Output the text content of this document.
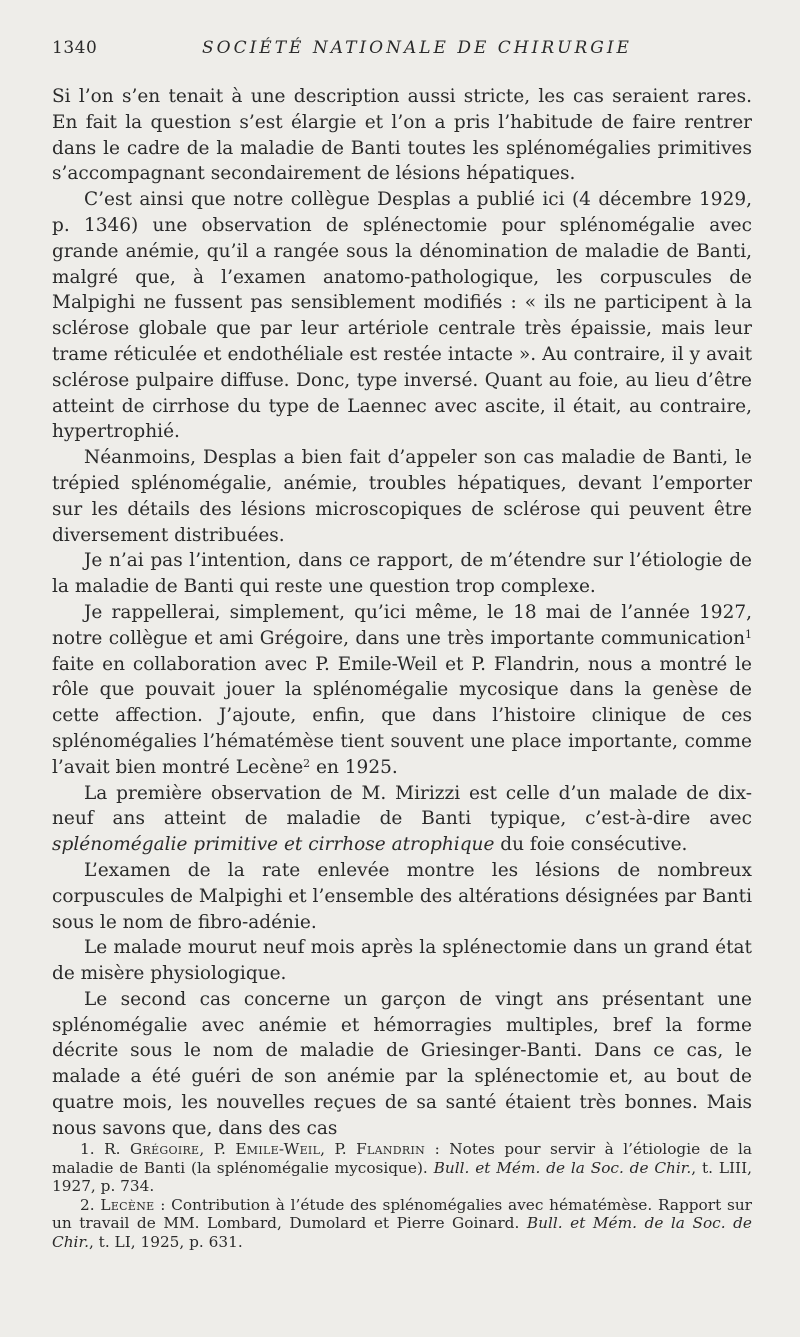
1340	SOCIÉTÉ NATIONALE DE CHIRURGIE

Si l’on s’en tenait à une description aussi stricte, les cas seraient rares. En fait la question s’est élargie et l’on a pris l’habitude de faire rentrer dans le cadre de la maladie de Banti toutes les splénomégalies primitives s’accompagnant secondairement de lésions hépatiques.

C’est ainsi que notre collègue Desplas a publié ici (4 décembre 1929, p. 1346) une observation de splénectomie pour splénomégalie avec grande anémie, qu’il a rangée sous la dénomination de maladie de Banti, malgré que, à l’examen anatomo-pathologique, les corpuscules de Malpighi ne fussent pas sensiblement modifiés : « ils ne participent à la sclérose globale que par leur artériole centrale très épaissie, mais leur trame réticulée et endothéliale est restée intacte ». Au contraire, il y avait sclérose pulpaire diffuse. Donc, type inversé. Quant au foie, au lieu d’être atteint de cirrhose du type de Laennec avec ascite, il était, au contraire, hypertrophié.

Néanmoins, Desplas a bien fait d’appeler son cas maladie de Banti, le trépied splénomégalie, anémie, troubles hépatiques, devant l’emporter sur les détails des lésions microscopiques de sclérose qui peuvent être diversement distribuées.

Je n’ai pas l’intention, dans ce rapport, de m’étendre sur l’étiologie de la maladie de Banti qui reste une question trop complexe.

Je rappellerai, simplement, qu’ici même, le 18 mai de l’année 1927, notre collègue et ami Grégoire, dans une très importante communication$^1$ faite en collaboration avec P. Emile-Weil et P. Flandrin, nous a montré le rôle que pouvait jouer la splénomégalie mycosique dans la genèse de cette affection. J’ajoute, enfin, que dans l’histoire clinique de ces splénomégalies l’hématémèse tient souvent une place importante, comme l’avait bien montré Lecène$^2$ en 1925.

La première observation de M. Mirizzi est celle d’un malade de dix-neuf ans atteint de maladie de Banti typique, c’est-à-dire avec splénomégalie primitive et cirrhose atrophique du foie consécutive.

L’examen de la rate enlevée montre les lésions de nombreux corpuscules de Malpighi et l’ensemble des altérations désignées par Banti sous le nom de fibro-adénie.

Le malade mourut neuf mois après la splénectomie dans un grand état de misère physiologique.

Le second cas concerne un garçon de vingt ans présentant une splénomégalie avec anémie et hémorragies multiples, bref la forme décrite sous le nom de maladie de Griesinger-Banti. Dans ce cas, le malade a été guéri de son anémie par la splénectomie et, au bout de quatre mois, les nouvelles reçues de sa santé étaient très bonnes. Mais nous savons que, dans des cas

1. R. Grégoire, P. Emile-Weil, P. Flandrin : Notes pour servir à l’étiologie de la maladie de Banti (la splénomégalie mycosique). Bull. et Mém. de la Soc. de Chir., t. LIII, 1927, p. 734.

2. Lecène : Contribution à l’étude des splénomégalies avec hématémèse. Rapport sur un travail de MM. Lombard, Dumolard et Pierre Goinard. Bull. et Mém. de la Soc. de Chir., t. LI, 1925, p. 631.
